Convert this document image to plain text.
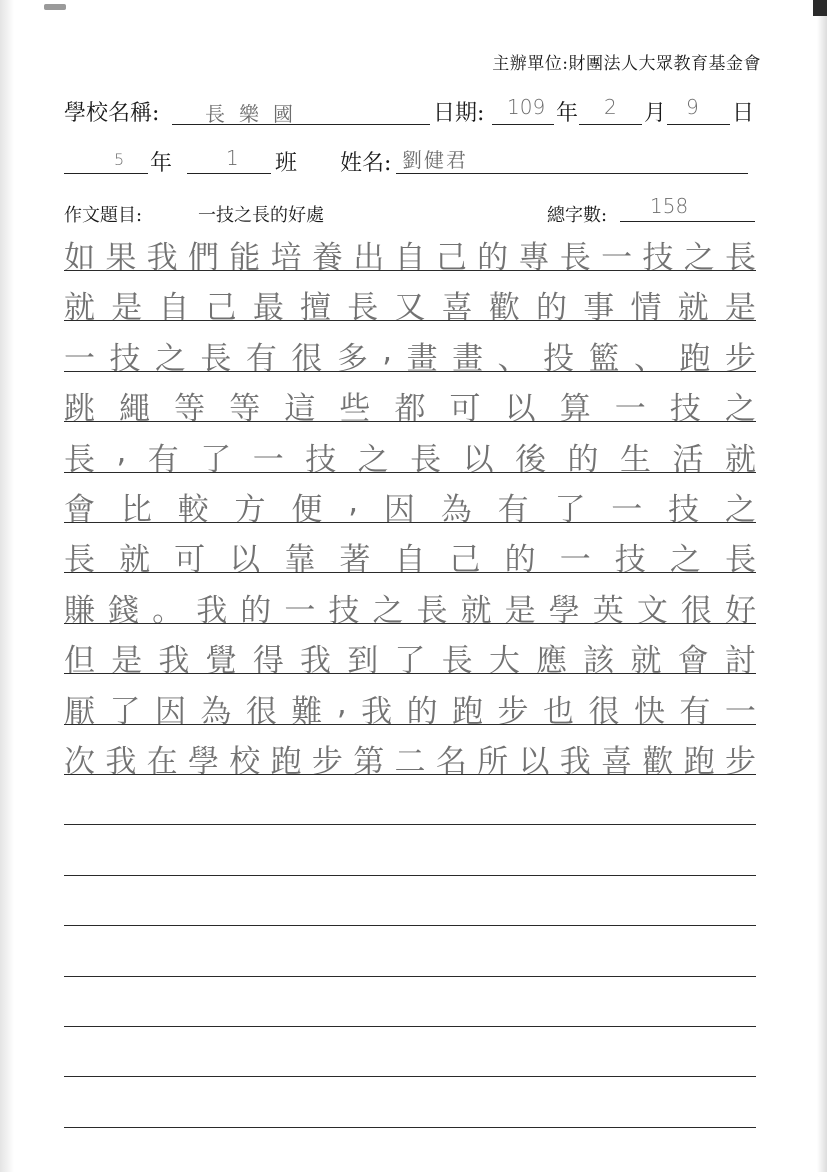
主辦單位:財團法人大眾教育基金會
學校名稱: 長樂國	日期: 109 年 2 月 9 日
5 年	1 班 姓名: 劉健君
作文題目:	一技之長的好處	總字數: 158
如 果 我 們 能 培 養 出 自 己 的 專 長 一 技 之 長
就 是 自 己 最 擅 長 又 喜 歡 的 事 情 就 是
一 技 之 長 有 很 多 , 畫 畫 、 投 籃 、 跑 步
跳 繩 等 等 這 些 都 可 以 算 一 技 之
長 , 有 了 一 技 之 長 以 後 的 生 活 就
會 比 較 方 便 , 因 為 有 了 一 技 之
長 就 可 以 靠 著 自 己 的 一 技 之 長
賺 錢 。 我 的 一 技 之 長 就 是 學 英 文 很 好
但 是 我 覺 得 我 到 了 長 大 應 該 就 會 討
厭 了 因 為 很 難 , 我 的 跑 步 也 很 快 有 一
次 我 在 學 校 跑 步 第 二 名 所 以 我 喜 歡 跑 步
